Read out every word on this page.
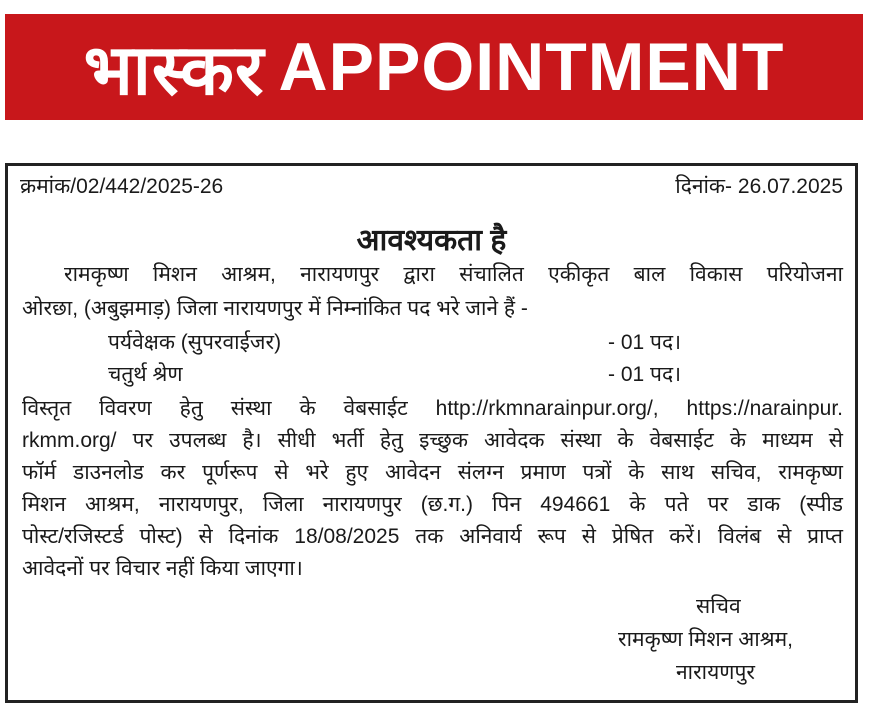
भास्कर APPOINTMENT
क्रमांक/02/442/2025-26	दिनांक- 26.07.2025
आवश्यकता है
रामकृष्ण मिशन आश्रम, नारायणपुर द्वारा संचालित एकीकृत बाल विकास परियोजना
ओरछा, (अबुझमाड़) जिला नारायणपुर में निम्नांकित पद भरे जाने हैं -
पर्यवेक्षक (सुपरवाईजर)	- 01 पद।
चतुर्थ श्रेण	- 01 पद।
विस्तृत विवरण हेतु संस्था के वेबसाईट http://rkmnarainpur.org/, https://narainpur.
rkmm.org/ पर उपलब्ध है। सीधी भर्ती हेतु इच्छुक आवेदक संस्था के वेबसाईट के माध्यम से
फॉर्म डाउनलोड कर पूर्णरूप से भरे हुए आवेदन संलग्न प्रमाण पत्रों के साथ सचिव, रामकृष्ण
मिशन आश्रम, नारायणपुर, जिला नारायणपुर (छ.ग.) पिन 494661 के पते पर डाक (स्पीड
पोस्ट/रजिस्टर्ड पोस्ट) से दिनांक 18/08/2025 तक अनिवार्य रूप से प्रेषित करें। विलंब से प्राप्त
आवेदनों पर विचार नहीं किया जाएगा।
सचिव
रामकृष्ण मिशन आश्रम,
नारायणपुर
